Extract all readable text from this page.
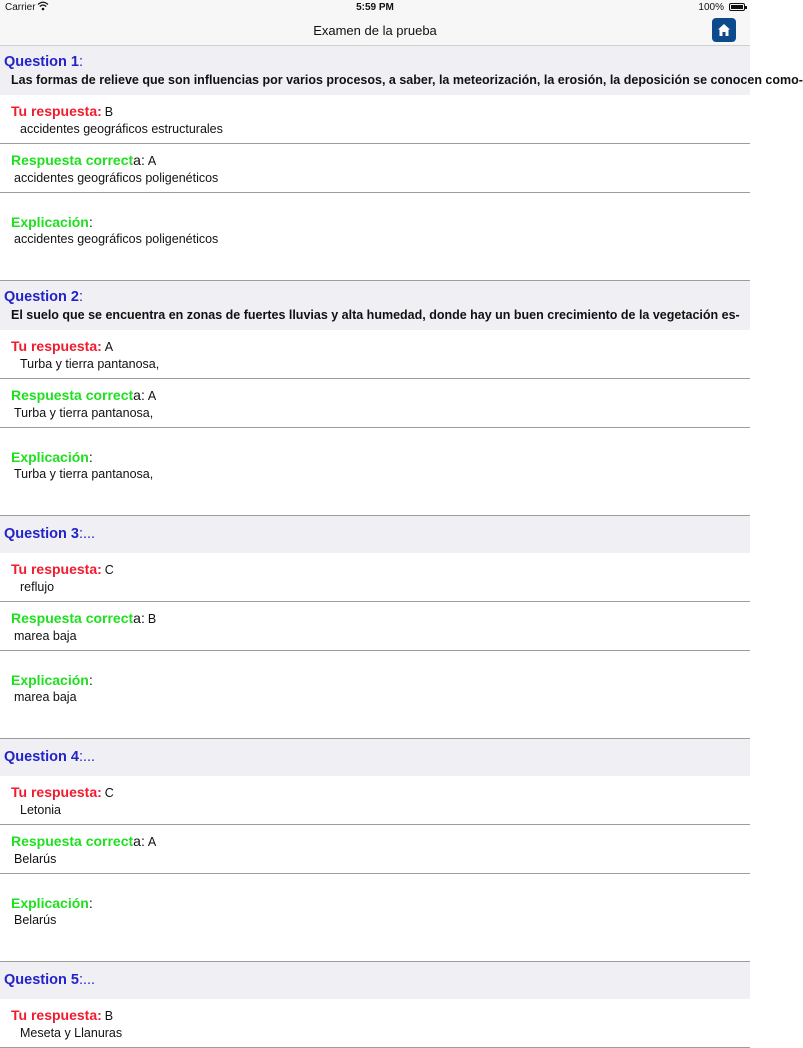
Carrier	5:59 PM	100%
Examen de la prueba
Question 1:
Las formas de relieve que son influencias por varios procesos, a saber, la meteorización, la erosión, la deposición se conocen como-
Tu respuesta: B
accidentes geográficos estructurales
Respuesta correcta: A
accidentes geográficos poligenéticos
Explicación:
accidentes geográficos poligenéticos
Question 2:
El suelo que se encuentra en zonas de fuertes lluvias y alta humedad, donde hay un buen crecimiento de la vegetación es-
Tu respuesta: A
Turba y tierra pantanosa,
Respuesta correcta: A
Turba y tierra pantanosa,
Explicación:
Turba y tierra pantanosa,
Question 3:...
Tu respuesta: C
reflujo
Respuesta correcta: B
marea baja
Explicación:
marea baja
Question 4:...
Tu respuesta: C
Letonia
Respuesta correcta: A
Belarús
Explicación:
Belarús
Question 5:...
Tu respuesta: B
Meseta y Llanuras
